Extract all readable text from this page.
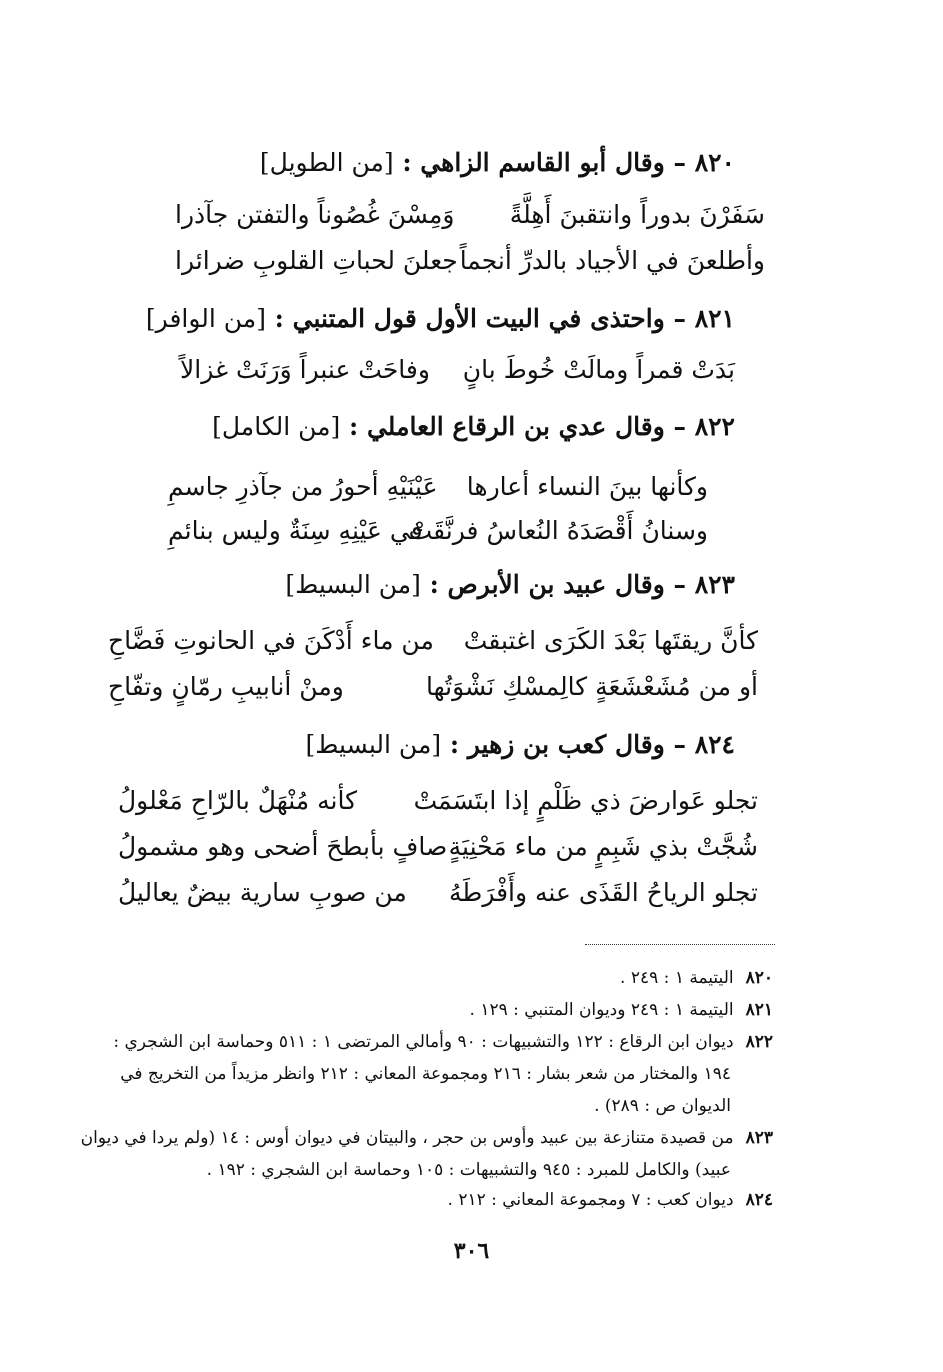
٨٢٠ – وقال أبو القاسم الزاهي : [من الطويل]
سَفَرْنَ بدوراً وانتقبنَ أَهِلَّةً
وَمِسْنَ غُصُوناً والتفتن جآذرا
وأطلعنَ في الأجياد بالدرِّ أنجماً
جعلنَ لحباتِ القلوبِ ضرائرا
٨٢١ – واحتذى في البيت الأول قول المتنبي : [من الوافر]
بَدَتْ قمراً ومالَتْ خُوطَ بانٍ
وفاحَتْ عنبراً وَرَنَتْ غزالاً
٨٢٢ – وقال عدي بن الرقاع العاملي : [من الكامل]
وكأنها بينَ النساء أعارها
عَيْنَيْهِ أحورُ من جآذرِ جاسمِ
وسنانُ أَقْصَدَهُ النُعاسُ فرنَّقَتْ
في عَيْنِهِ سِنَةٌ وليس بنائمِ
٨٢٣ – وقال عبيد بن الأبرص : [من البسيط]
كأنَّ ريقتَها بَعْدَ الكَرَى اغتبقتْ
من ماء أَدْكَنَ في الحانوتِ فَضَّاحِ
أو من مُشَعْشَعَةٍ كالِمسْكِ نَشْوَتُها
ومنْ أنابيبِ رمّانٍ وتفّاحِ
٨٢٤ – وقال كعب بن زهير : [من البسيط]
تجلو عَوارضَ ذي ظَلْمٍ إذا ابتَسَمَتْ
كأنه مُنْهَلٌ بالرّاحِ مَعْلولُ
شُجَّتْ بذي شَبِمٍ من ماء مَحْنِيَةٍ
صافٍ بأبطحَ أضحى وهو مشمولُ
تجلو الرياحُ القَذَى عنه وأَفْرَطَهُ
من صوبِ سارية بيضٌ يعاليلُ
٨٢٠ اليتيمة ١ : ٢٤٩ .
٨٢١ اليتيمة ١ : ٢٤٩ وديوان المتنبي : ١٢٩ .
٨٢٢ ديوان ابن الرقاع : ١٢٢ والتشبيهات : ٩٠ وأمالي المرتضى ١ : ٥١١ وحماسة ابن الشجري :
١٩٤ والمختار من شعر بشار : ٢١٦ ومجموعة المعاني : ٢١٢ وانظر مزيداً من التخريج في
الديوان ص : ٢٨٩) .
٨٢٣ من قصيدة متنازعة بين عبيد وأوس بن حجر ، والبيتان في ديوان أوس : ١٤ (ولم يردا في ديوان
عبيد) والكامل للمبرد : ٩٤٥ والتشبيهات : ١٠٥ وحماسة ابن الشجري : ١٩٢ .
٨٢٤ ديوان كعب : ٧ ومجموعة المعاني : ٢١٢ .
٣٠٦
